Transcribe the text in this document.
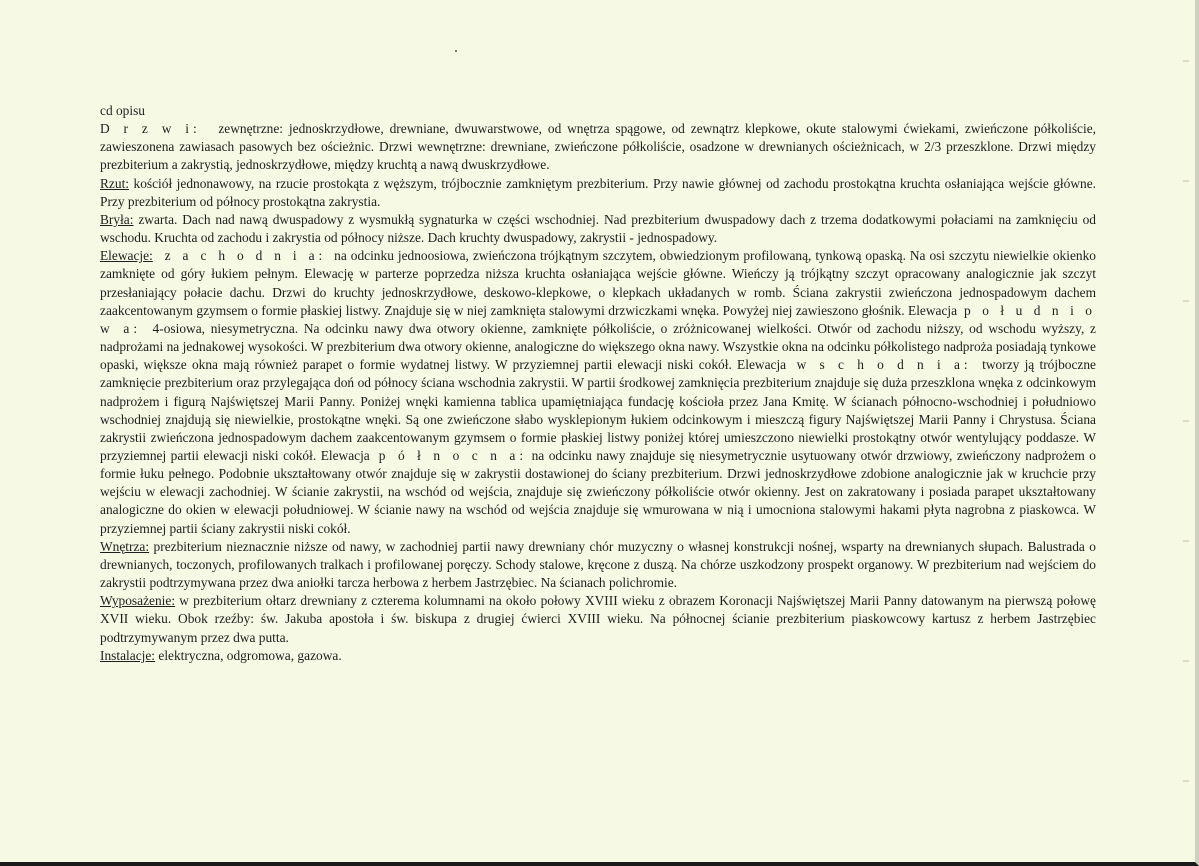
cd opisu

D r z w i:   zewnętrzne: jednoskrzydłowe, drewniane, dwuwarstwowe, od wnętrza spągowe, od zewnątrz klepkowe, okute stalowymi ćwiekami, zwieńczone półkoliście, zawieszonena zawiasach pasowych bez ościeżnic. Drzwi wewnętrzne: drewniane, zwieńczone półkoliście, osadzone w drewnianych ościeżnicach, w 2/3 przeszklone. Drzwi między prezbiterium a zakrystią, jednoskrzydłowe, między kruchtą a nawą dwuskrzydłowe.

Rzut: kościół jednonawowy, na rzucie prostokąta z węższym, trójbocznie zamkniętym prezbiterium. Przy nawie głównej od zachodu prostokątna kruchta osłaniająca wejście główne. Przy prezbiterium od północy prostokątna zakrystia.

Bryła: zwarta. Dach nad nawą dwuspadowy z wysmukłą sygnaturka w części wschodniej. Nad prezbiterium dwuspadowy dach z trzema dodatkowymi połaciami na zamknięciu od wschodu. Kruchta od zachodu i zakrystia od północy niższe. Dach kruchty dwuspadowy, zakrystii - jednospadowy.

Elewacje: z a c h o d n i a:  na odcinku jednoosiowa, zwieńczona trójkątnym szczytem, obwiedzionym profilowaną, tynkową opaską. Na osi szczytu niewielkie okienko zamknięte od góry łukiem pełnym. Elewację w parterze poprzedza niższa kruchta osłaniająca wejście główne. Wieńczy ją trójkątny szczyt opracowany analogicznie jak szczyt przesłaniający połacie dachu. Drzwi do kruchty jednoskrzydłowe, deskowo-klepkowe, o klepkach układanych w romb. Ściana zakrystii zwieńczona jednospadowym dachem zaakcentowanym gzymsem o formie płaskiej listwy. Znajduje się w niej zamknięta stalowymi drzwiczkami wnęka. Powyżej niej zawieszono głośnik. Elewacja  p o ł u d n i o w a:  4-osiowa, niesymetryczna. Na odcinku nawy dwa otwory okienne, zamknięte półkoliście, o zróżnicowanej wielkości. Otwór od zachodu niższy, od wschodu wyższy, z nadprożami na jednakowej wysokości. W prezbiterium dwa otwory okienne, analogiczne do większego okna nawy. Wszystkie okna na odcinku półkolistego nadproża posiadają tynkowe opaski, większe okna mają również parapet o formie wydatnej listwy. W przyziemnej partii elewacji niski cokół. Elewacja  w s c h o d n i a:  tworzy ją trójboczne zamknięcie prezbiterium oraz przylegająca doń od północy ściana wschodnia zakrystii. W partii środkowej zamknięcia prezbiterium znajduje się duża przeszklona wnęka z odcinkowym nadprożem i figurą Najświętszej Marii Panny. Poniżej wnęki kamienna tablica upamiętniająca fundację kościoła przez Jana Kmitę. W ścianach północno-wschodniej i południowo wschodniej znajdują się niewielkie, prostokątne wnęki. Są one zwieńczone słabo wysklepionym łukiem odcinkowym i mieszczą figury Najświętszej Marii Panny i Chrystusa. Ściana zakrystii zwieńczona jednospadowym dachem zaakcentowanym gzymsem o formie płaskiej listwy poniżej której umieszczono niewielki prostokątny otwór wentylujący poddasze. W przyziemnej partii elewacji niski cokół. Elewacja  p ó ł n o c n a: na odcinku nawy znajduje się niesymetrycznie usytuowany otwór drzwiowy, zwieńczony nadprożem o formie łuku pełnego. Podobnie ukształtowany otwór znajduje się w zakrystii dostawionej do ściany prezbiterium. Drzwi jednoskrzydłowe zdobione analogicznie jak w kruchcie przy wejściu w elewacji zachodniej. W ścianie zakrystii, na wschód od wejścia, znajduje się zwieńczony półkoliście otwór okienny. Jest on zakratowany i posiada parapet ukształtowany analogiczne do okien w elewacji południowej. W ścianie nawy na wschód od wejścia znajduje się wmurowana w nią i umocniona stalowymi hakami płyta nagrobna z piaskowca. W przyziemnej partii ściany zakrystii niski cokół.

Wnętrza: prezbiterium nieznacznie niższe od nawy, w zachodniej partii nawy drewniany chór muzyczny o własnej konstrukcji nośnej, wsparty na drewnianych słupach. Balustrada o drewnianych, toczonych, profilowanych tralkach i profilowanej poręczy. Schody stalowe, kręcone z duszą. Na chórze uszkodzony prospekt organowy. W prezbiterium nad wejściem do zakrystii podtrzymywana przez dwa aniołki tarcza herbowa z herbem Jastrzębiec. Na ścianach polichromie.

Wyposażenie: w prezbiterium ołtarz drewniany z czterema kolumnami na około połowy XVIII wieku z obrazem Koronacji Najświętszej Marii Panny datowanym na pierwszą połowę XVII wieku. Obok rzeźby: św. Jakuba apostoła i św. biskupa z drugiej ćwierci XVIII wieku. Na północnej ścianie prezbiterium piaskowcowy kartusz z herbem Jastrzębiec podtrzymywanym przez dwa putta.

Instalacje: elektryczna, odgromowa, gazowa.
